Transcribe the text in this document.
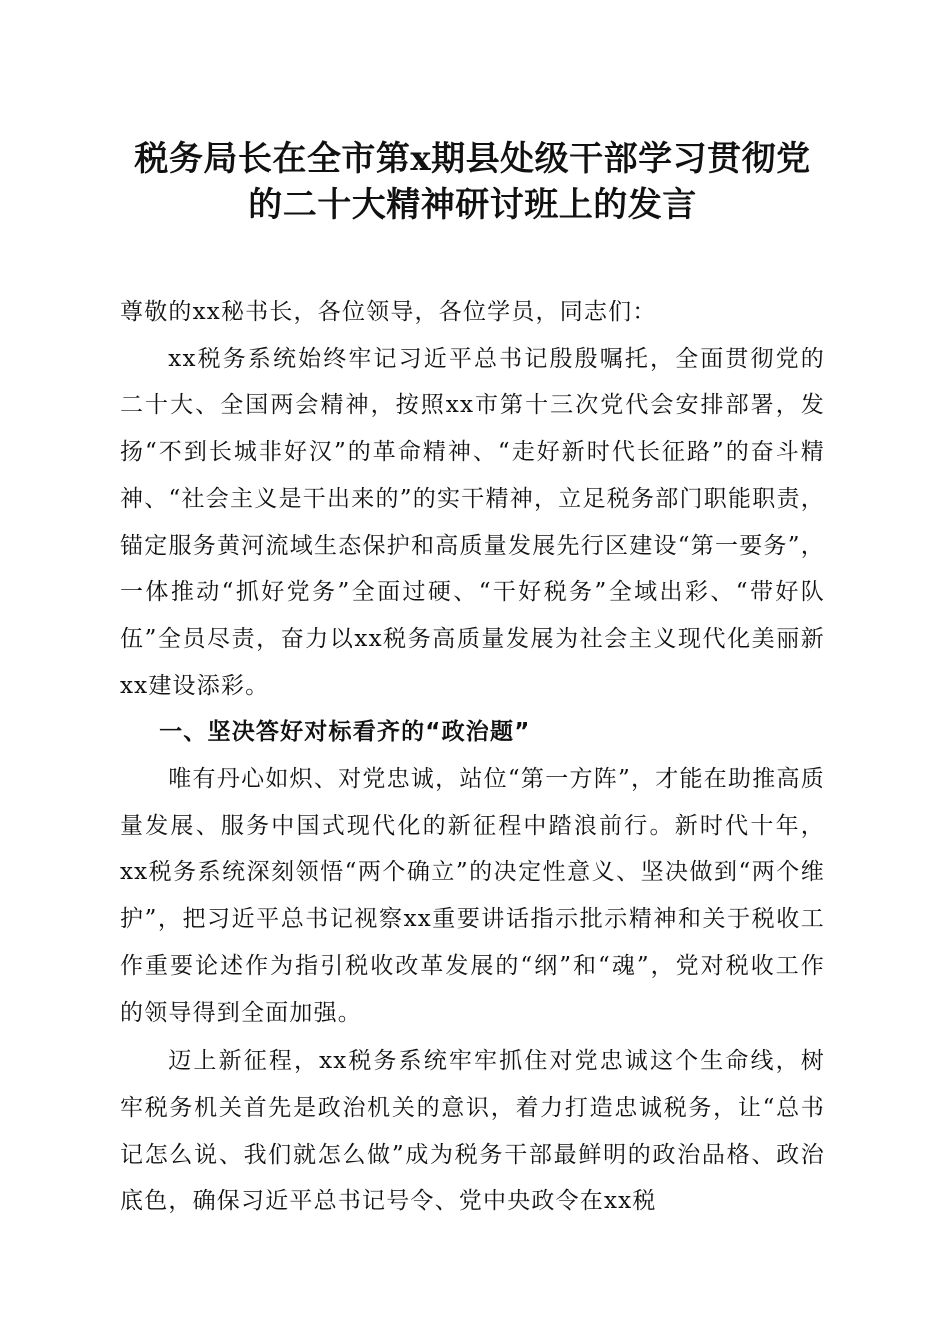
税务局长在全市第x期县处级干部学习贯彻党
的二十大精神研讨班上的发言

尊敬的xx秘书长，各位领导，各位学员，同志们：

xx税务系统始终牢记习近平总书记殷殷嘱托，全面贯彻党的二十大、全国两会精神，按照xx市第十三次党代会安排部署，发扬“不到长城非好汉”的革命精神、“走好新时代长征路”的奋斗精神、“社会主义是干出来的”的实干精神，立足税务部门职能职责，锚定服务黄河流域生态保护和高质量发展先行区建设“第一要务”，一体推动“抓好党务”全面过硬、“干好税务”全域出彩、“带好队伍”全员尽责，奋力以xx税务高质量发展为社会主义现代化美丽新xx建设添彩。

一、坚决答好对标看齐的“政治题”

唯有丹心如炽、对党忠诚，站位“第一方阵”，才能在助推高质量发展、服务中国式现代化的新征程中踏浪前行。新时代十年，xx税务系统深刻领悟“两个确立”的决定性意义、坚决做到“两个维护”，把习近平总书记视察xx重要讲话指示批示精神和关于税收工作重要论述作为指引税收改革发展的“纲”和“魂”，党对税收工作的领导得到全面加强。

迈上新征程，xx税务系统牢牢抓住对党忠诚这个生命线，树牢税务机关首先是政治机关的意识，着力打造忠诚税务，让“总书记怎么说、我们就怎么做”成为税务干部最鲜明的政治品格、政治底色，确保习近平总书记号令、党中央政令在xx税
